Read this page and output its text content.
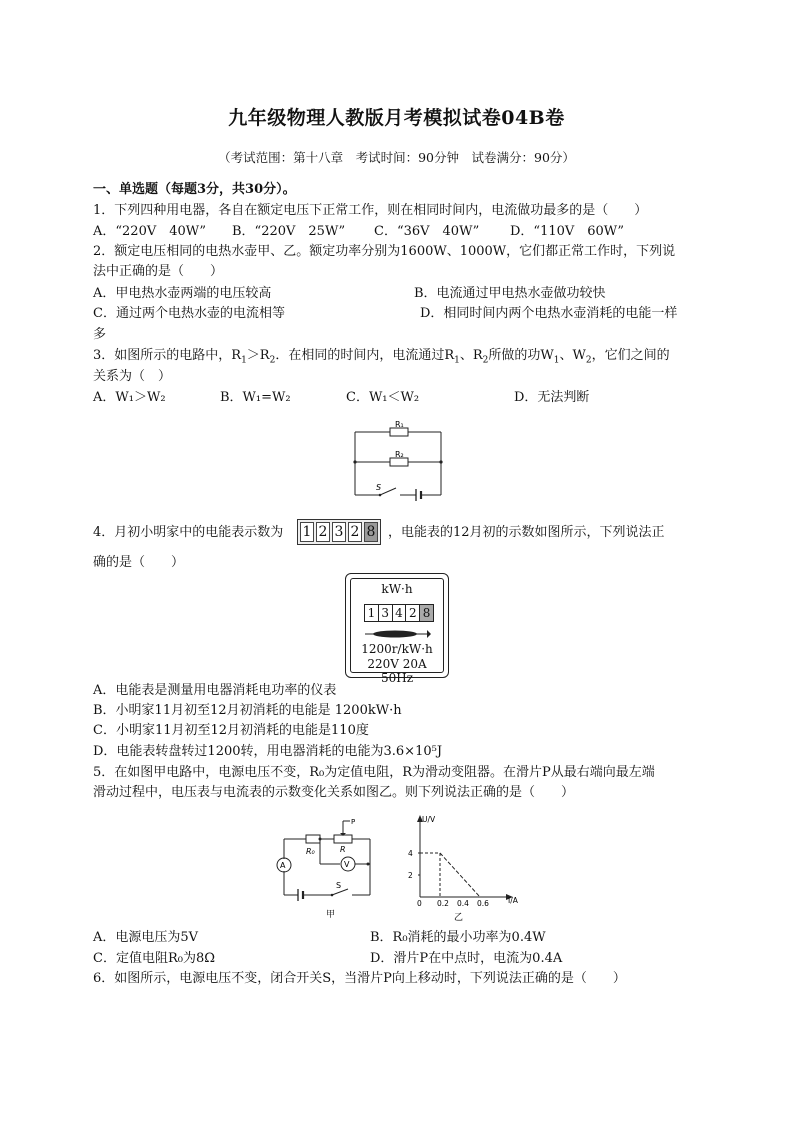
九年级物理人教版月考模拟试卷04B卷
（考试范围：第十八章　考试时间：90分钟　试卷满分：90分）
一、单选题（每题3分，共30分）。
1．下列四种用电器，各自在额定电压下正常工作，则在相同时间内，电流做功最多的是（　　）
A．“220V　40W” B．“220V　25W” C．“36V　40W” D．“110V　60W”
2．额定电压相同的电热水壶甲、乙。额定功率分别为1600W、1000W，它们都正常工作时，下列说
法中正确的是（　　）
A．甲电热水壶两端的电压较高	B．电流通过甲电热水壶做功较快
C．通过两个电热水壶的电流相等	D．相同时间内两个电热水壶消耗的电能一样
多
3．如图所示的电路中，$R_1>R_2$．在相同的时间内，电流通过$R_1$、$R_2$所做的功$W_1$、$W_2$，它们之间的
关系为（　）
A．W₁＞W₂	B．W₁=W₂	C．W₁＜W₂	D．无法判断
R₁
R₂
S
4．月初小明家中的电能表示数为 1 2 3 2 8 ，电能表的12月初的示数如图所示，下列说法正
确的是（　　）
kW·h
1 3 4 2 8
1200r/kW·h
220V 20A 50Hz
A．电能表是测量用电器消耗电功率的仪表
B．小明家11月初至12月初消耗的电能是 1200kW·h
C．小明家11月初至12月初消耗的电能是110度
D．电能表转盘转过1200转，用电器消耗的电能为3.6×10⁵J
5．在如图甲电路中，电源电压不变，R₀为定值电阻，R为滑动变阻器。在滑片P从最右端向最左端
滑动过程中，电压表与电流表的示数变化关系如图乙。则下列说法正确的是（　　）
A	V
R₀	R
P
S
甲
U/V
I/A
0 0.2 0.4 0.6
4
2
乙
A．电源电压为5V	B．R₀消耗的最小功率为0.4W
C．定值电阻R₀为8Ω	D．滑片P在中点时，电流为0.4A
6．如图所示，电源电压不变，闭合开关S，当滑片P向上移动时，下列说法正确的是（　　）
